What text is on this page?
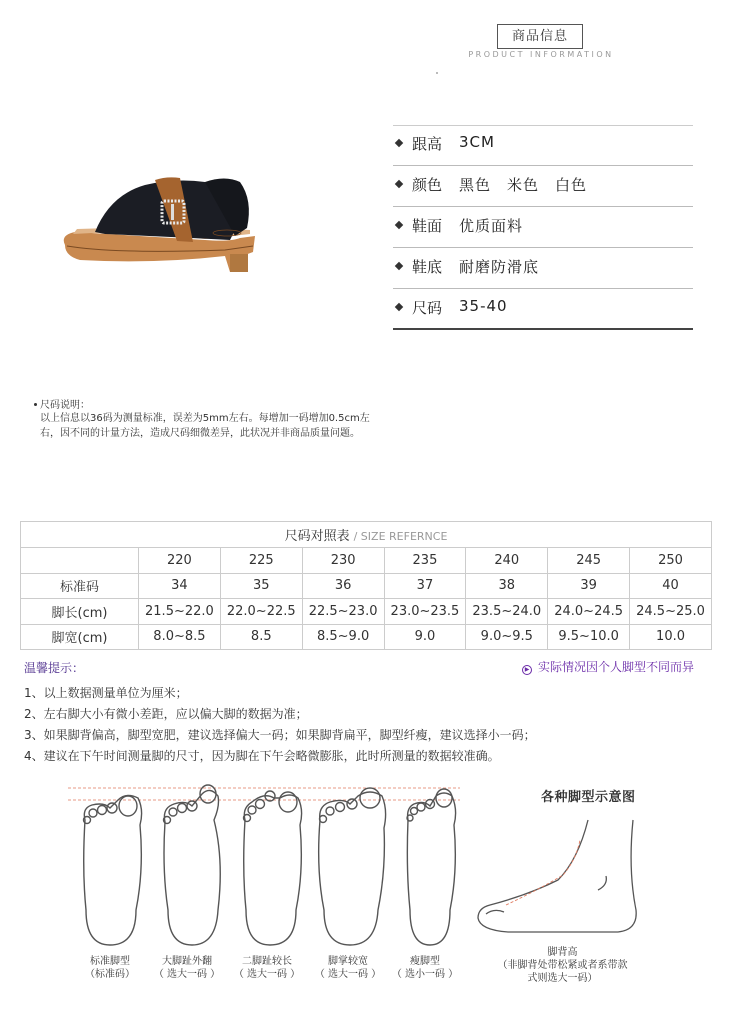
商品信息
PRODUCT INFORMATION
跟高 3CM
颜色 黑色　米色　白色
鞋面 优质面料
鞋底 耐磨防滑底
尺码 35-40
尺码说明：
以上信息以36码为测量标准，误差为5mm左右。每增加一码增加0.5cm左右，因不同的计量方法，造成尺码细微差异，此状况并非商品质量问题。
尺码对照表 / SIZE REFERNCE							
	220	225	230	235	240	245	250
标准码	34	35	36	37	38	39	40
脚长(cm)	21.5~22.0	22.0~22.5	22.5~23.0	23.0~23.5	23.5~24.0	24.0~24.5	24.5~25.0
脚宽(cm)	8.0~8.5	8.5	8.5~9.0	9.0	9.0~9.5	9.5~10.0	10.0
温馨提示：	▶ 实际情况因个人脚型不同而异
1、以上数据测量单位为厘米；
2、左右脚大小有微小差距，应以偏大脚的数据为准；
3、如果脚背偏高，脚型宽肥，建议选择偏大一码；如果脚背扁平，脚型纤瘦，建议选择小一码；
4、建议在下午时间测量脚的尺寸，因为脚在下午会略微膨胀，此时所测量的数据较准确。
标准脚型
（标准码）
大脚趾外翻
（ 选大一码 ）
二脚趾较长
（ 选大一码 ）
脚掌较宽
（ 选大一码 ）
瘦脚型
（ 选小一码 ）
各种脚型示意图
脚背高
（非脚背处带松紧或者系带款式则选大一码）
